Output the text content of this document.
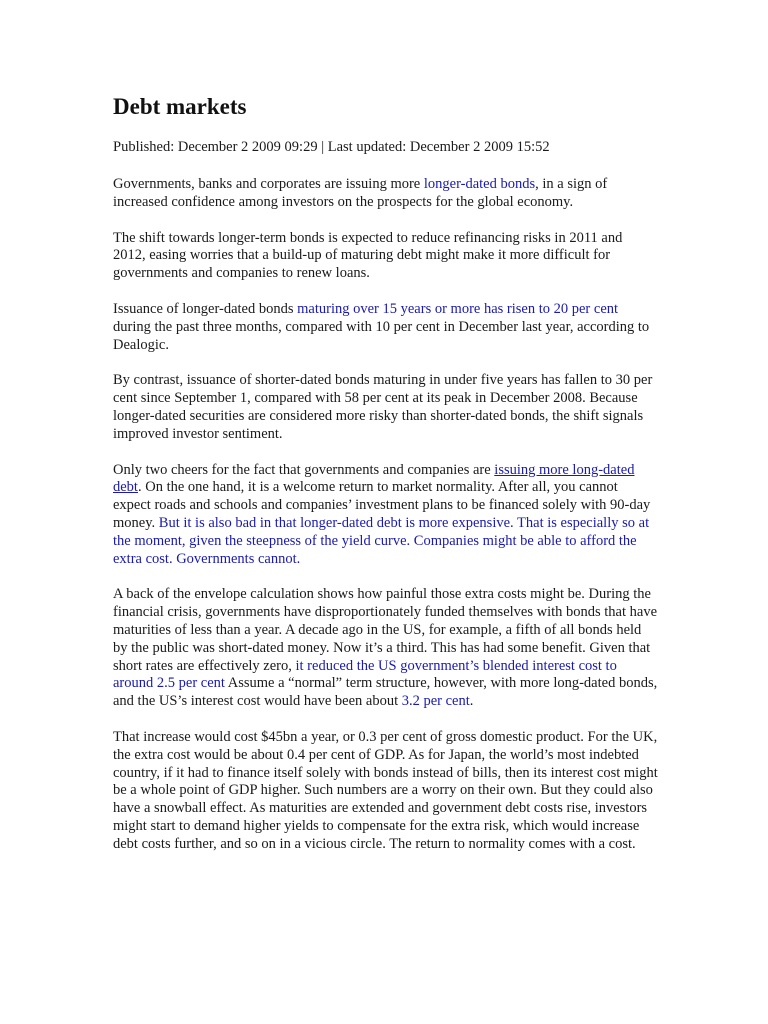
Debt markets
Published: December 2 2009 09:29 | Last updated: December 2 2009 15:52

Governments, banks and corporates are issuing more longer-dated bonds, in a sign of increased confidence among investors on the prospects for the global economy.

The shift towards longer-term bonds is expected to reduce refinancing risks in 2011 and 2012, easing worries that a build-up of maturing debt might make it more difficult for governments and companies to renew loans.

Issuance of longer-dated bonds maturing over 15 years or more has risen to 20 per cent during the past three months, compared with 10 per cent in December last year, according to Dealogic.

By contrast, issuance of shorter-dated bonds maturing in under five years has fallen to 30 per cent since September 1, compared with 58 per cent at its peak in December 2008. Because longer-dated securities are considered more risky than shorter-dated bonds, the shift signals improved investor sentiment.

Only two cheers for the fact that governments and companies are issuing more long-dated debt. On the one hand, it is a welcome return to market normality. After all, you cannot expect roads and schools and companies’ investment plans to be financed solely with 90-day money. But it is also bad in that longer-dated debt is more expensive. That is especially so at the moment, given the steepness of the yield curve. Companies might be able to afford the extra cost. Governments cannot.

A back of the envelope calculation shows how painful those extra costs might be. During the financial crisis, governments have disproportionately funded themselves with bonds that have maturities of less than a year. A decade ago in the US, for example, a fifth of all bonds held by the public was short-dated money. Now it’s a third. This has had some benefit. Given that short rates are effectively zero, it reduced the US government’s blended interest cost to around 2.5 per cent Assume a “normal” term structure, however, with more long-dated bonds, and the US’s interest cost would have been about 3.2 per cent.

That increase would cost $45bn a year, or 0.3 per cent of gross domestic product. For the UK, the extra cost would be about 0.4 per cent of GDP. As for Japan, the world’s most indebted country, if it had to finance itself solely with bonds instead of bills, then its interest cost might be a whole point of GDP higher. Such numbers are a worry on their own. But they could also have a snowball effect. As maturities are extended and government debt costs rise, investors might start to demand higher yields to compensate for the extra risk, which would increase debt costs further, and so on in a vicious circle. The return to normality comes with a cost.
